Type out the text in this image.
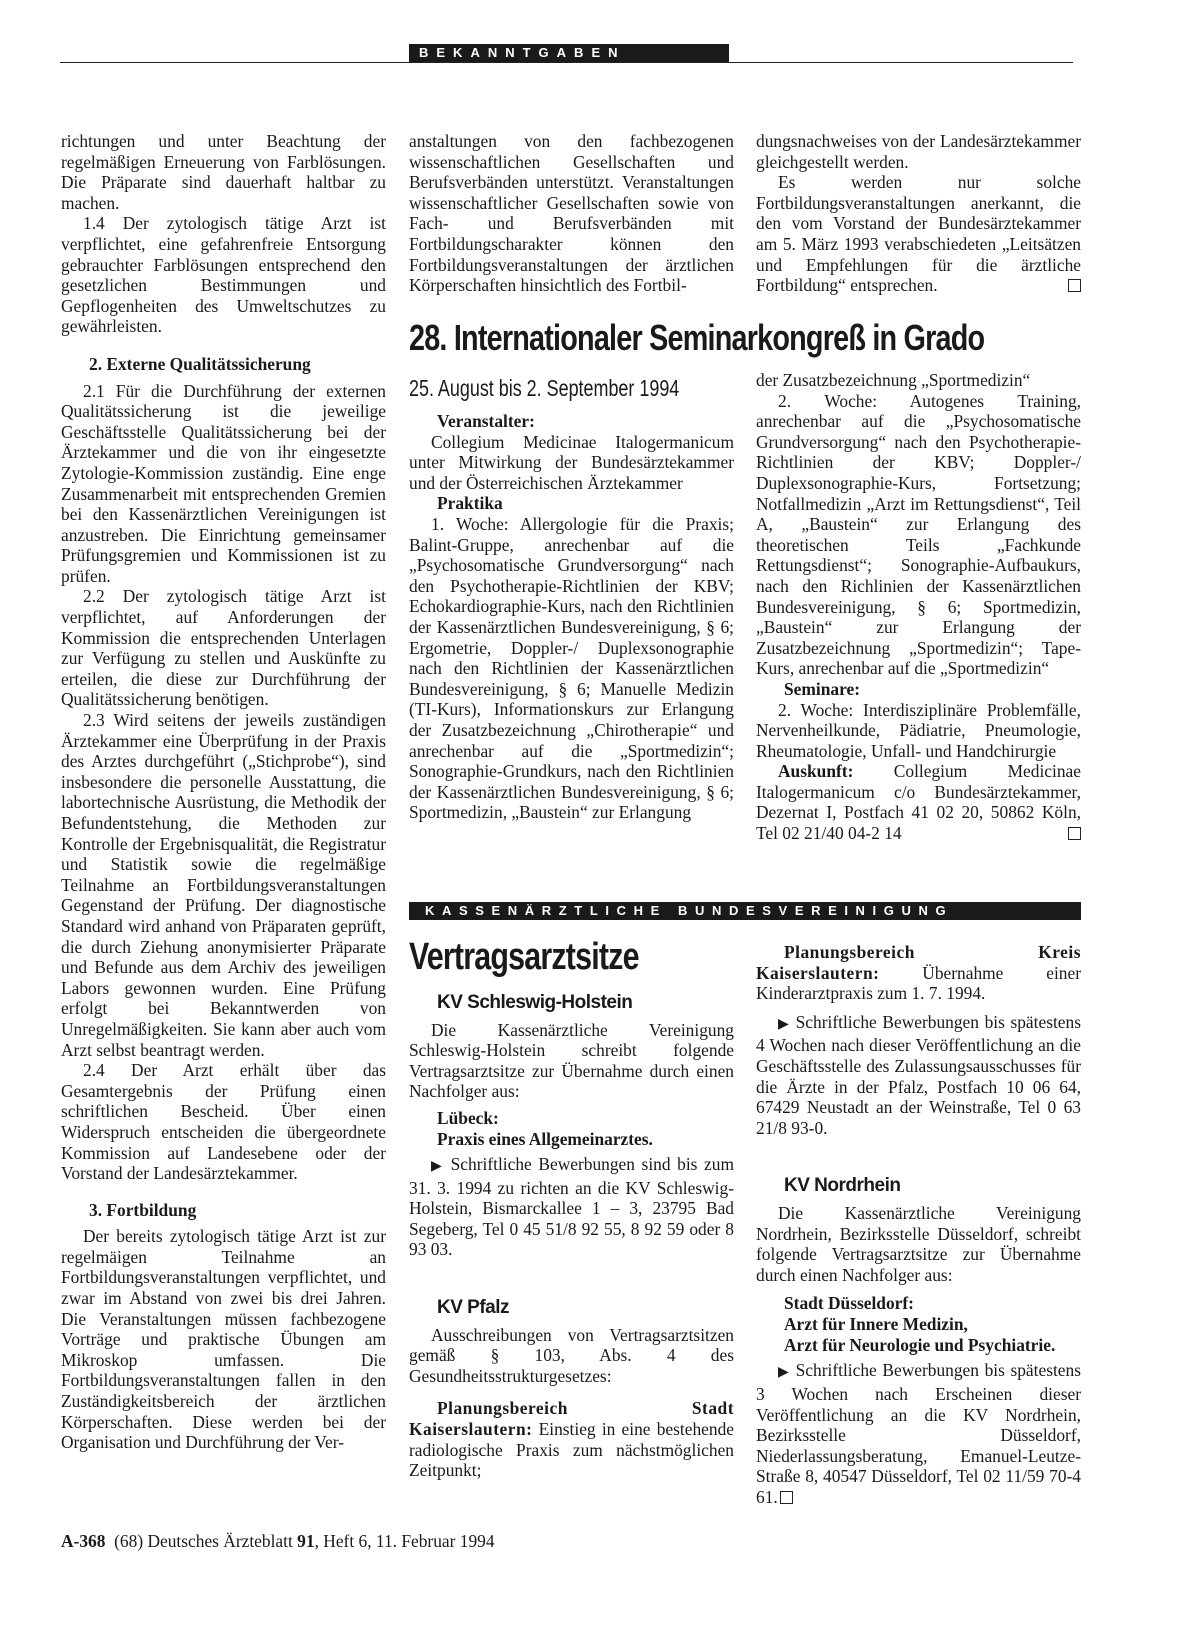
BEKANNTGABEN

richtungen und unter Beachtung der regelmäßigen Erneuerung von Farblösungen. Die Präparate sind dauerhaft haltbar zu machen.

1.4 Der zytologisch tätige Arzt ist verpflichtet, eine gefahrenfreie Entsorgung gebrauchter Farblösungen entsprechend den gesetzlichen Bestimmungen und Gepflogenheiten des Umweltschutzes zu gewährleisten.

2. Externe Qualitätssicherung

2.1 Für die Durchführung der externen Qualitätssicherung ist die jeweilige Geschäftsstelle Qualitätssicherung bei der Ärztekammer und die von ihr eingesetzte Zytologie-Kommission zuständig. Eine enge Zusammenarbeit mit entsprechenden Gremien bei den Kassenärztlichen Vereinigungen ist anzustreben. Die Einrichtung gemeinsamer Prüfungsgremien und Kommissionen ist zu prüfen.

2.2 Der zytologisch tätige Arzt ist verpflichtet, auf Anforderungen der Kommission die entsprechenden Unterlagen zur Verfügung zu stellen und Auskünfte zu erteilen, die diese zur Durchführung der Qualitätssicherung benötigen.

2.3 Wird seitens der jeweils zuständigen Ärztekammer eine Überprüfung in der Praxis des Arztes durchgeführt („Stichprobe“), sind insbesondere die personelle Ausstattung, die labortechnische Ausrüstung, die Methodik der Befundentstehung, die Methoden zur Kontrolle der Ergebnisqualität, die Registratur und Statistik sowie die regelmäßige Teilnahme an Fortbildungsveranstaltungen Gegenstand der Prüfung. Der diagnostische Standard wird anhand von Präparaten geprüft, die durch Ziehung anonymisierter Präparate und Befunde aus dem Archiv des jeweiligen Labors gewonnen wurden. Eine Prüfung erfolgt bei Bekanntwerden von Unregelmäßigkeiten. Sie kann aber auch vom Arzt selbst beantragt werden.

2.4 Der Arzt erhält über das Gesamtergebnis der Prüfung einen schriftlichen Bescheid. Über einen Widerspruch entscheiden die übergeordnete Kommission auf Landesebene oder der Vorstand der Landesärztekammer.

3. Fortbildung

Der bereits zytologisch tätige Arzt ist zur regelmäigen Teilnahme an Fortbildungsveranstaltungen verpflichtet, und zwar im Abstand von zwei bis drei Jahren. Die Veranstaltungen müssen fachbezogene Vorträge und praktische Übungen am Mikroskop umfassen. Die Fortbildungsveranstaltungen fallen in den Zuständigkeitsbereich der ärztlichen Körperschaften. Diese werden bei der Organisation und Durchführung der Ver-

anstaltungen von den fachbezogenen wissenschaftlichen Gesellschaften und Berufsverbänden unterstützt. Veranstaltungen wissenschaftlicher Gesellschaften sowie von Fach- und Berufsverbänden mit Fortbildungscharakter können den Fortbildungsveranstaltungen der ärztlichen Körperschaften hinsichtlich des Fortbil-

dungsnachweises von der Landesärztekammer gleichgestellt werden.

Es werden nur solche Fortbildungsveranstaltungen anerkannt, die den vom Vorstand der Bundesärztekammer am 5. März 1993 verabschiedeten „Leitsätzen und Empfehlungen für die ärztliche Fortbildung“ entsprechen.

28. Internationaler Seminarkongreß in Grado
25. August bis 2. September 1994
Veranstalter:

Collegium Medicinae Italogermanicum unter Mitwirkung der Bundesärztekammer und der Österreichischen Ärztekammer

Praktika

1. Woche: Allergologie für die Praxis; Balint-Gruppe, anrechenbar auf die „Psychosomatische Grundversorgung“ nach den Psychotherapie-Richtlinien der KBV; Echokardiographie-Kurs, nach den Richtlinien der Kassenärztlichen Bundesvereinigung, § 6; Ergometrie, Doppler-/ Duplexsonographie nach den Richtlinien der Kassenärztlichen Bundesvereinigung, § 6; Manuelle Medizin (TI-Kurs), Informationskurs zur Erlangung der Zusatzbezeichnung „Chirotherapie“ und anrechenbar auf die „Sportmedizin“; Sonographie-Grundkurs, nach den Richtlinien der Kassenärztlichen Bundesvereinigung, § 6; Sportmedizin, „Baustein“ zur Erlangung

der Zusatzbezeichnung „Sportmedizin“

2. Woche: Autogenes Training, anrechenbar auf die „Psychosomatische Grundversorgung“ nach den Psychotherapie-Richtlinien der KBV; Doppler-/ Duplexsonographie-Kurs, Fortsetzung; Notfallmedizin „Arzt im Rettungsdienst“, Teil A, „Baustein“ zur Erlangung des theoretischen Teils „Fachkunde Rettungsdienst“; Sonographie-Aufbaukurs, nach den Richlinien der Kassenärztlichen Bundesvereinigung, § 6; Sportmedizin, „Baustein“ zur Erlangung der Zusatzbezeichnung „Sportmedizin“; Tape-Kurs, anrechenbar auf die „Sportmedizin“

Seminare:

2. Woche: Interdisziplinäre Problemfälle, Nervenheilkunde, Pädiatrie, Pneumologie, Rheumatologie, Unfall- und Handchirurgie

Auskunft: Collegium Medicinae Italogermanicum c/o Bundesärztekammer, Dezernat I, Postfach 41 02 20, 50862 Köln, Tel 02 21/40 04-2 14

KASSENÄRZTLICHE BUNDESVEREINIGUNG
Vertragsarztsitze
KV Schleswig-Holstein

Die Kassenärztliche Vereinigung Schleswig-Holstein schreibt folgende Vertragsarztsitze zur Übernahme durch einen Nachfolger aus:

Lübeck:
Praxis eines Allgemeinarztes.

▶ Schriftliche Bewerbungen sind bis zum 31. 3. 1994 zu richten an die KV Schleswig-Holstein, Bismarckallee 1 – 3, 23795 Bad Segeberg, Tel 0 45 51/8 92 55, 8 92 59 oder 8 93 03.

KV Pfalz

Ausschreibungen von Vertragsarztsitzen gemäß § 103, Abs. 4 des Gesundheitsstrukturgesetzes:

Planungsbereich Stadt Kaiserslautern: Einstieg in eine bestehende radiologische Praxis zum nächstmöglichen Zeitpunkt;

Planungsbereich Kreis Kaiserslautern: Übernahme einer Kinderarztpraxis zum 1. 7. 1994.

▶ Schriftliche Bewerbungen bis spätestens 4 Wochen nach dieser Veröffentlichung an die Geschäftsstelle des Zulassungsausschusses für die Ärzte in der Pfalz, Postfach 10 06 64, 67429 Neustadt an der Weinstraße, Tel 0 63 21/8 93-0.

KV Nordrhein

Die Kassenärztliche Vereinigung Nordrhein, Bezirksstelle Düsseldorf, schreibt folgende Vertragsarztsitze zur Übernahme durch einen Nachfolger aus:

Stadt Düsseldorf:
Arzt für Innere Medizin,
Arzt für Neurologie und Psychiatrie.

▶ Schriftliche Bewerbungen bis spätestens 3 Wochen nach Erscheinen dieser Veröffentlichung an die KV Nordrhein, Bezirksstelle Düsseldorf, Niederlassungsberatung, Emanuel-Leutze-Straße 8, 40547 Düsseldorf, Tel 02 11/59 70-4 61.

A-368 (68) Deutsches Ärzteblatt 91, Heft 6, 11. Februar 1994
